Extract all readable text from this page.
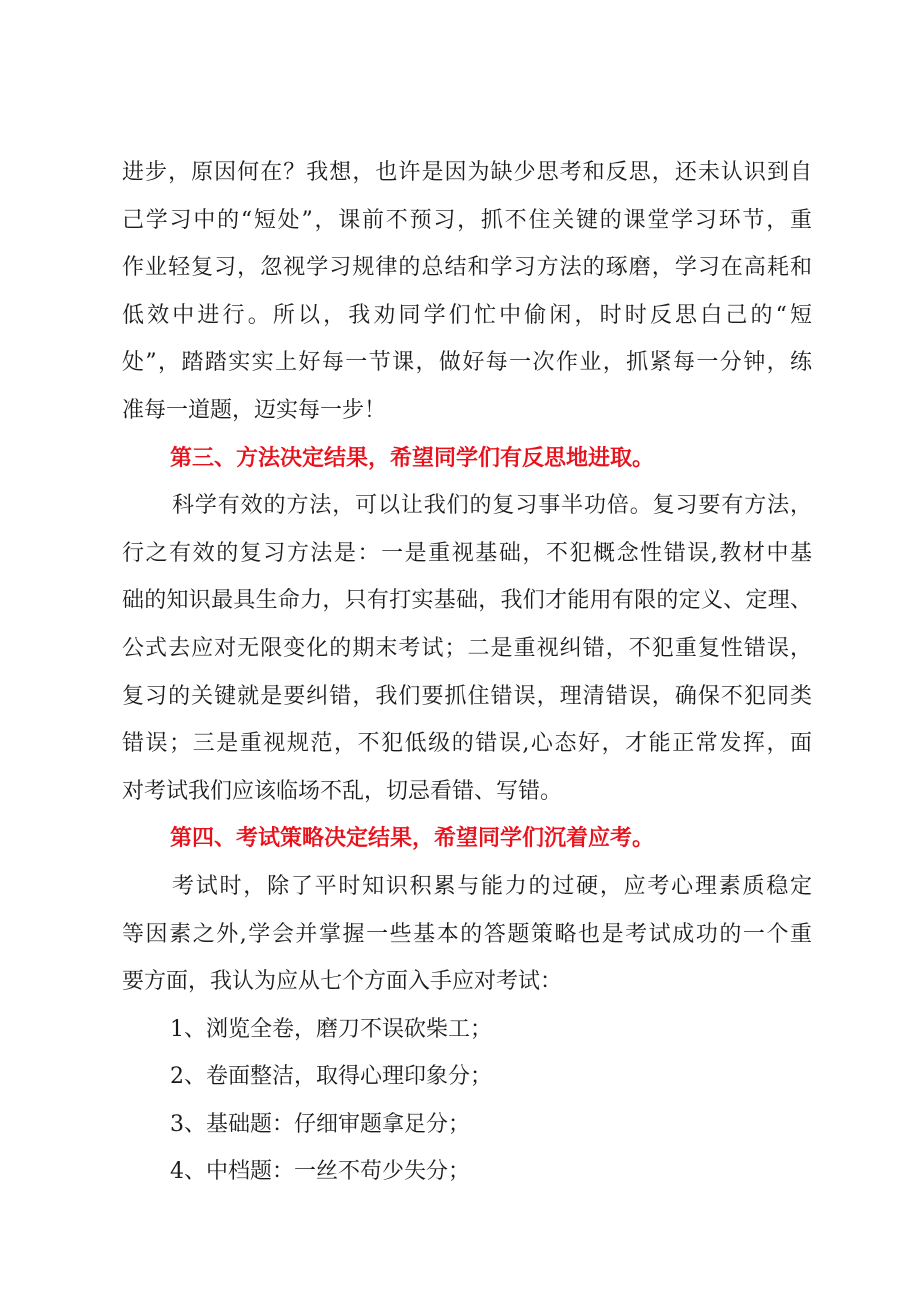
进步，原因何在？我想，也许是因为缺少思考和反思，还未认识到自
己学习中的“短处”，课前不预习，抓不住关键的课堂学习环节，重
作业轻复习，忽视学习规律的总结和学习方法的琢磨，学习在高耗和
低效中进行。所以，我劝同学们忙中偷闲，时时反思白己的“短
处”，踏踏实实上好每一节课，做好每一次作业，抓紧每一分钟，练
准每一道题，迈实每一步！
第三、方法决定结果，希望同学们有反思地进取。
科学有效的方法，可以让我们的复习事半功倍。复习要有方法，
行之有效的复习方法是：一是重视基础，不犯概念性错误,教材中基
础的知识最具生命力，只有打实基础，我们才能用有限的定义、定理、
公式去应对无限变化的期末考试；二是重视纠错，不犯重复性错误，
复习的关键就是要纠错，我们要抓住错误，理清错误，确保不犯同类
错误；三是重视规范，不犯低级的错误,心态好，才能正常发挥，面
对考试我们应该临场不乱，切忌看错、写错。
第四、考试策略决定结果，希望同学们沉着应考。
考试时，除了平时知识积累与能力的过硬，应考心理素质稳定
等因素之外,学会并掌握一些基本的答题策略也是考试成功的一个重
要方面，我认为应从七个方面入手应对考试：
1、浏览全卷，磨刀不误砍柴工；
2、卷面整洁，取得心理印象分；
3、基础题：仔细审题拿足分；
4、中档题：一丝不苟少失分；
